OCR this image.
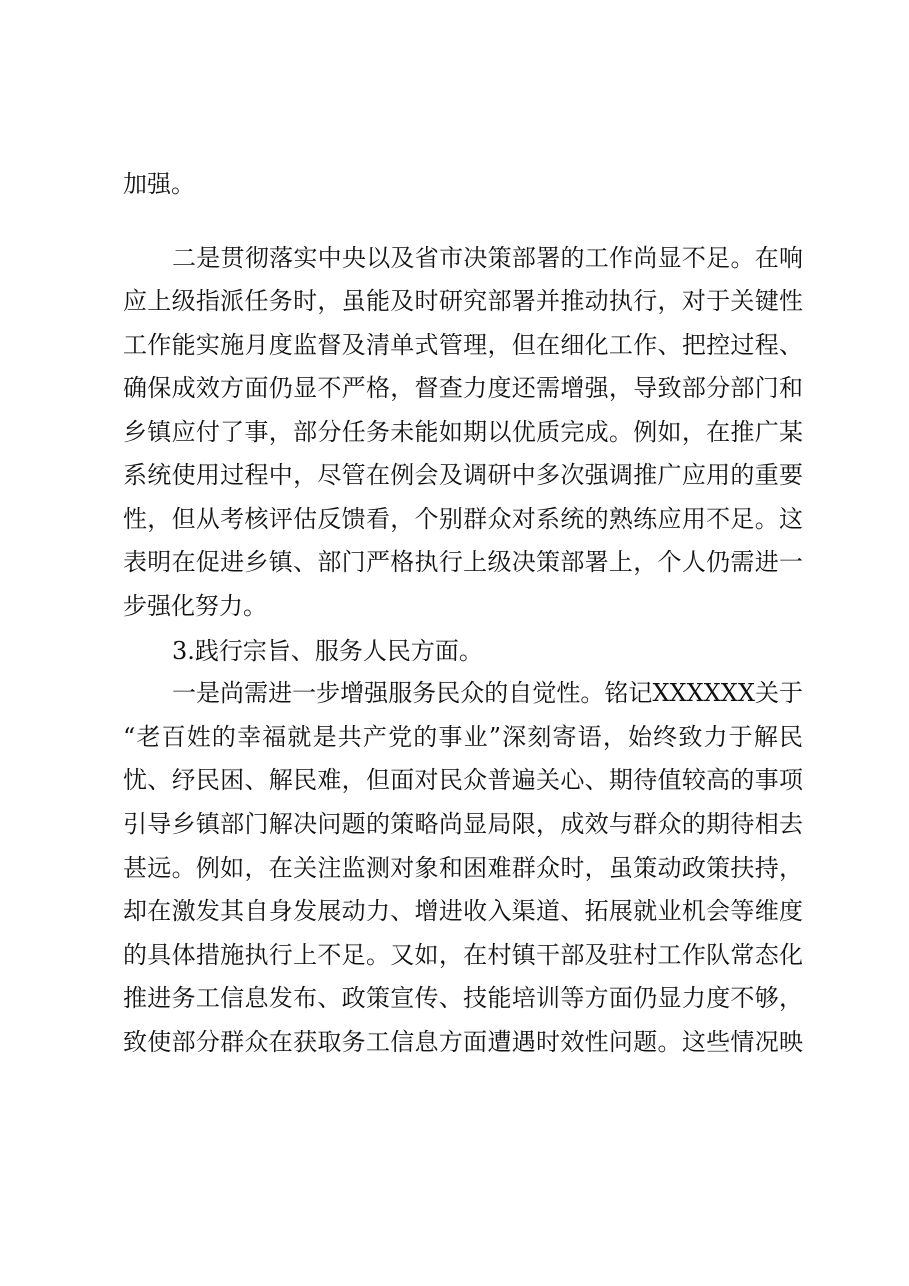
加强。
二是贯彻落实中央以及省市决策部署的工作尚显不足。在响
应上级指派任务时，虽能及时研究部署并推动执行，对于关键性
工作能实施月度监督及清单式管理，但在细化工作、把控过程、
确保成效方面仍显不严格，督查力度还需增强，导致部分部门和
乡镇应付了事，部分任务未能如期以优质完成。例如，在推广某
系统使用过程中，尽管在例会及调研中多次强调推广应用的重要
性，但从考核评估反馈看，个别群众对系统的熟练应用不足。这
表明在促进乡镇、部门严格执行上级决策部署上，个人仍需进一
步强化努力。
3.践行宗旨、服务人民方面。
一是尚需进一步增强服务民众的自觉性。铭记XXXXXX关于
“老百姓的幸福就是共产党的事业”深刻寄语，始终致力于解民
忧、纾民困、解民难，但面对民众普遍关心、期待值较高的事项
引导乡镇部门解决问题的策略尚显局限，成效与群众的期待相去
甚远。例如，在关注监测对象和困难群众时，虽策动政策扶持，
却在激发其自身发展动力、增进收入渠道、拓展就业机会等维度
的具体措施执行上不足。又如，在村镇干部及驻村工作队常态化
推进务工信息发布、政策宣传、技能培训等方面仍显力度不够，
致使部分群众在获取务工信息方面遭遇时效性问题。这些情况映
